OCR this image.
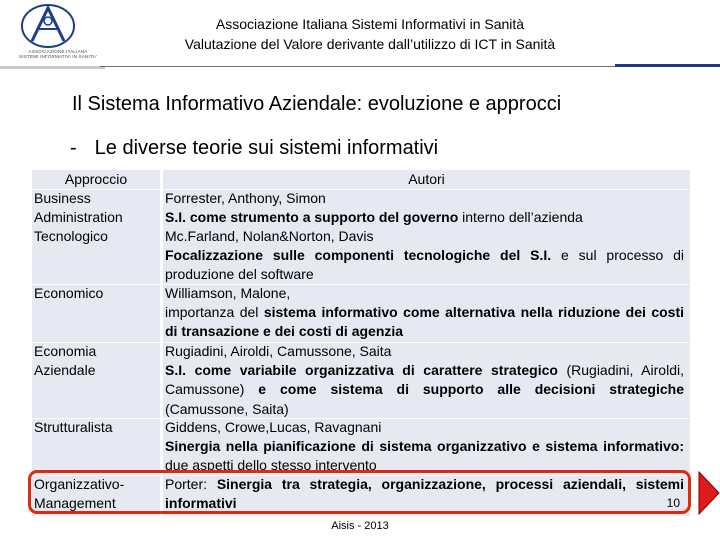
ASSOCIAZIONE ITALIANA
SISTEMI INFORMATIVI IN SANITA'
Associazione Italiana Sistemi Informativi in Sanità
Valutazione del Valore derivante dall’utilizzo di ICT in Sanità
Il Sistema Informativo Aziendale: evoluzione e approcci
- Le diverse teorie sui sistemi informativi
Approccio
Business
Administration
Tecnologico
Economico
Economia
Aziendale
Strutturalista
Organizzativo-
Management
Autori
Forrester, Anthony, Simon
S.I. come strumento a supporto del governo interno dell’azienda
Mc.Farland, Nolan&Norton, Davis
Focalizzazione sulle componenti tecnologiche del S.I. e sul processo di produzione del software
Williamson, Malone,
importanza del sistema informativo come alternativa nella riduzione dei costi di transazione e dei costi di agenzia
Rugiadini, Airoldi, Camussone, Saita
S.I. come variabile organizzativa di carattere strategico (Rugiadini, Airoldi, Camussone) e come sistema di supporto alle decisioni strategiche (Camussone, Saita)
Giddens, Crowe,Lucas, Ravagnani
Sinergia nella pianificazione di sistema organizzativo e sistema informativo: due aspetti dello stesso intervento
Porter: Sinergia tra strategia, organizzazione, processi aziendali, sistemi informativi	10
Aisis - 2013
